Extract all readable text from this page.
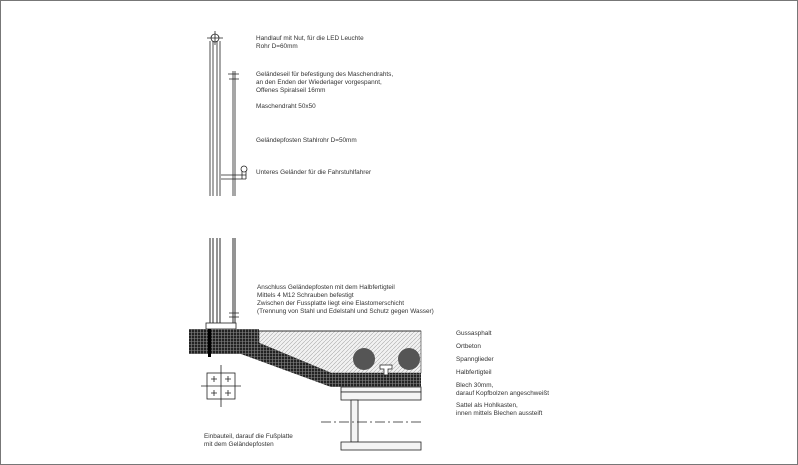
Handlauf mit Nut, für die LED Leuchte
Rohr D=60mm
Geländeseil für befestigung des Maschendrahts,
an den Enden der Wiederlager vorgespannt,
Offenes Spiralseil 16mm
Maschendraht 50x50
Geländepfosten Stahlrohr D=50mm
Unteres Geländer für die Fahrstuhlfahrer
Anschluss Geländepfosten mit dem Halbfertigteil
Mittels 4 M12 Schrauben befestigt
Zwischen der Fussplatte liegt eine Elastomerschicht
(Trennung von Stahl und Edelstahl und Schutz gegen Wasser)
Einbauteil, darauf die Fußplatte
mit dem Geländepfosten
Gussasphalt
Ortbeton
Spannglieder
Halbfertigteil
Blech 30mm,
darauf Kopfbolzen angeschweißt
Sattel als Hohlkasten,
innen mittels Blechen aussteift
